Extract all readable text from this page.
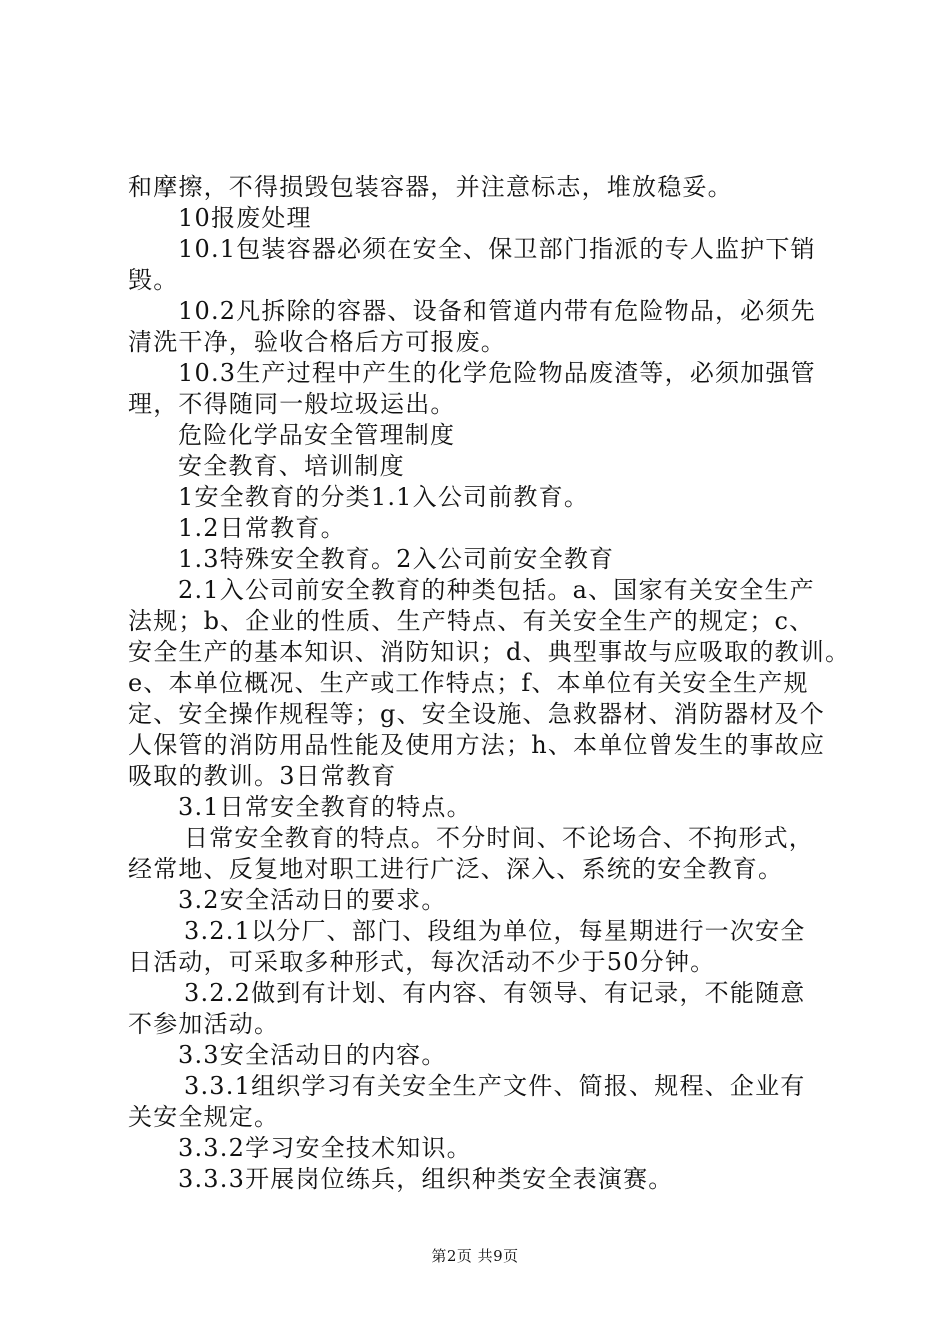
和摩擦，不得损毁包装容器，并注意标志，堆放稳妥。
10报废处理
10.1包装容器必须在安全、保卫部门指派的专人监护下销
毁。
10.2凡拆除的容器、设备和管道内带有危险物品，必须先
清洗干净，验收合格后方可报废。
10.3生产过程中产生的化学危险物品废渣等，必须加强管
理，不得随同一般垃圾运出。
危险化学品安全管理制度
安全教育、培训制度
1安全教育的分类1.1入公司前教育。
1.2日常教育。
1.3特殊安全教育。2入公司前安全教育
2.1入公司前安全教育的种类包括。a、国家有关安全生产
法规；b、企业的性质、生产特点、有关安全生产的规定；c、
安全生产的基本知识、消防知识；d、典型事故与应吸取的教训。
e、本单位概况、生产或工作特点；f、本单位有关安全生产规
定、安全操作规程等；g、安全设施、急救器材、消防器材及个
人保管的消防用品性能及使用方法；h、本单位曾发生的事故应
吸取的教训。3日常教育
3.1日常安全教育的特点。
日常安全教育的特点。不分时间、不论场合、不拘形式，
经常地、反复地对职工进行广泛、深入、系统的安全教育。
3.2安全活动日的要求。
3.2.1以分厂、部门、段组为单位，每星期进行一次安全
日活动，可采取多种形式，每次活动不少于50分钟。
3.2.2做到有计划、有内容、有领导、有记录，不能随意
不参加活动。
3.3安全活动日的内容。
3.3.1组织学习有关安全生产文件、简报、规程、企业有
关安全规定。
3.3.2学习安全技术知识。
3.3.3开展岗位练兵，组织种类安全表演赛。
第2页 共9页
